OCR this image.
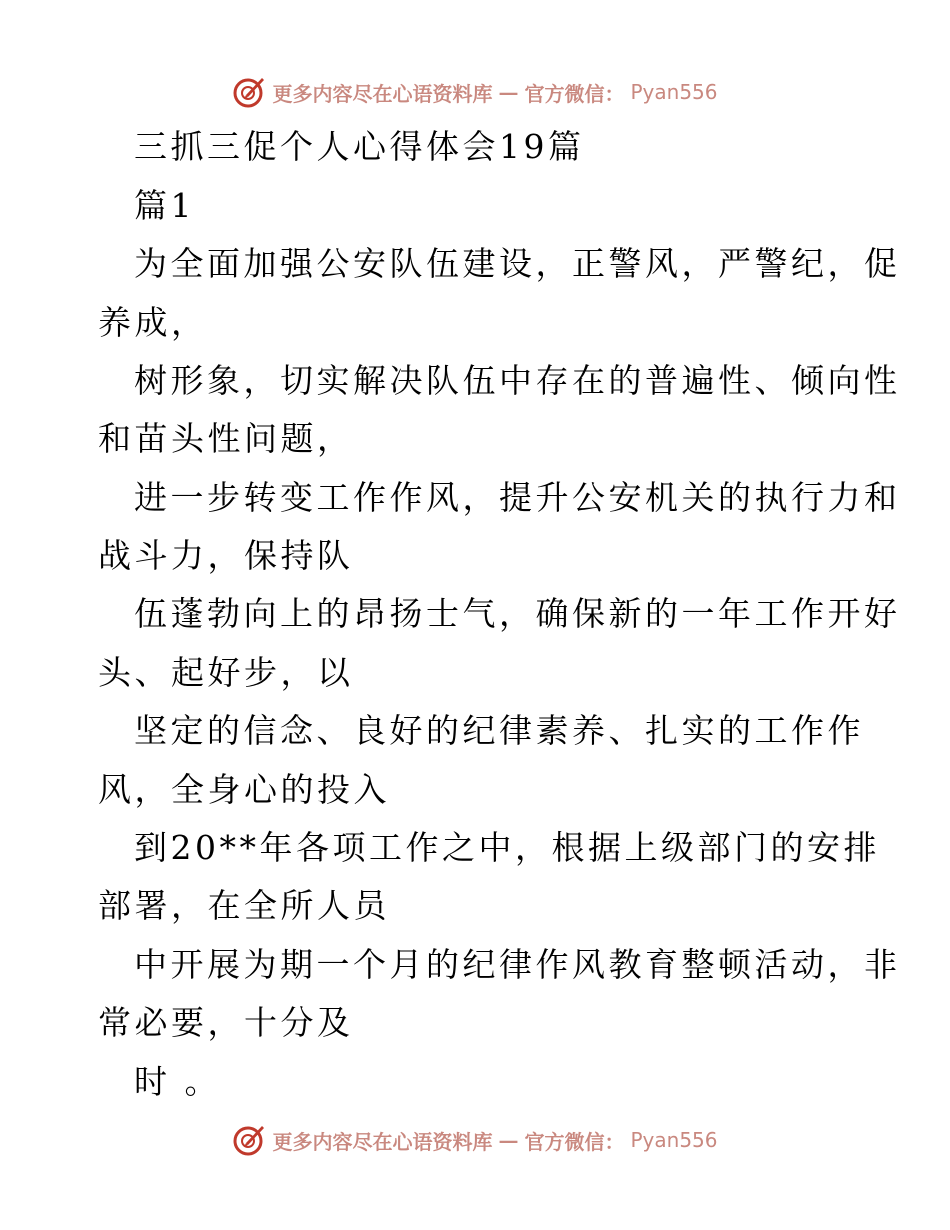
更多内容尽在心语资料库 — 官方微信： Pyan556
三抓三促个人心得体会19篇
篇1
为全面加强公安队伍建设，正警风，严警纪，促
养成，
树形象，切实解决队伍中存在的普遍性、倾向性
和苗头性问题，
进一步转变工作作风，提升公安机关的执行力和
战斗力，保持队
伍蓬勃向上的昂扬士气，确保新的一年工作开好
头、起好步，以
坚定的信念、良好的纪律素养、扎实的工作作
风，全身心的投入
到20**年各项工作之中，根据上级部门的安排
部署，在全所人员
中开展为期一个月的纪律作风教育整顿活动，非
常必要，十分及
时 。
更多内容尽在心语资料库 — 官方微信： Pyan556
